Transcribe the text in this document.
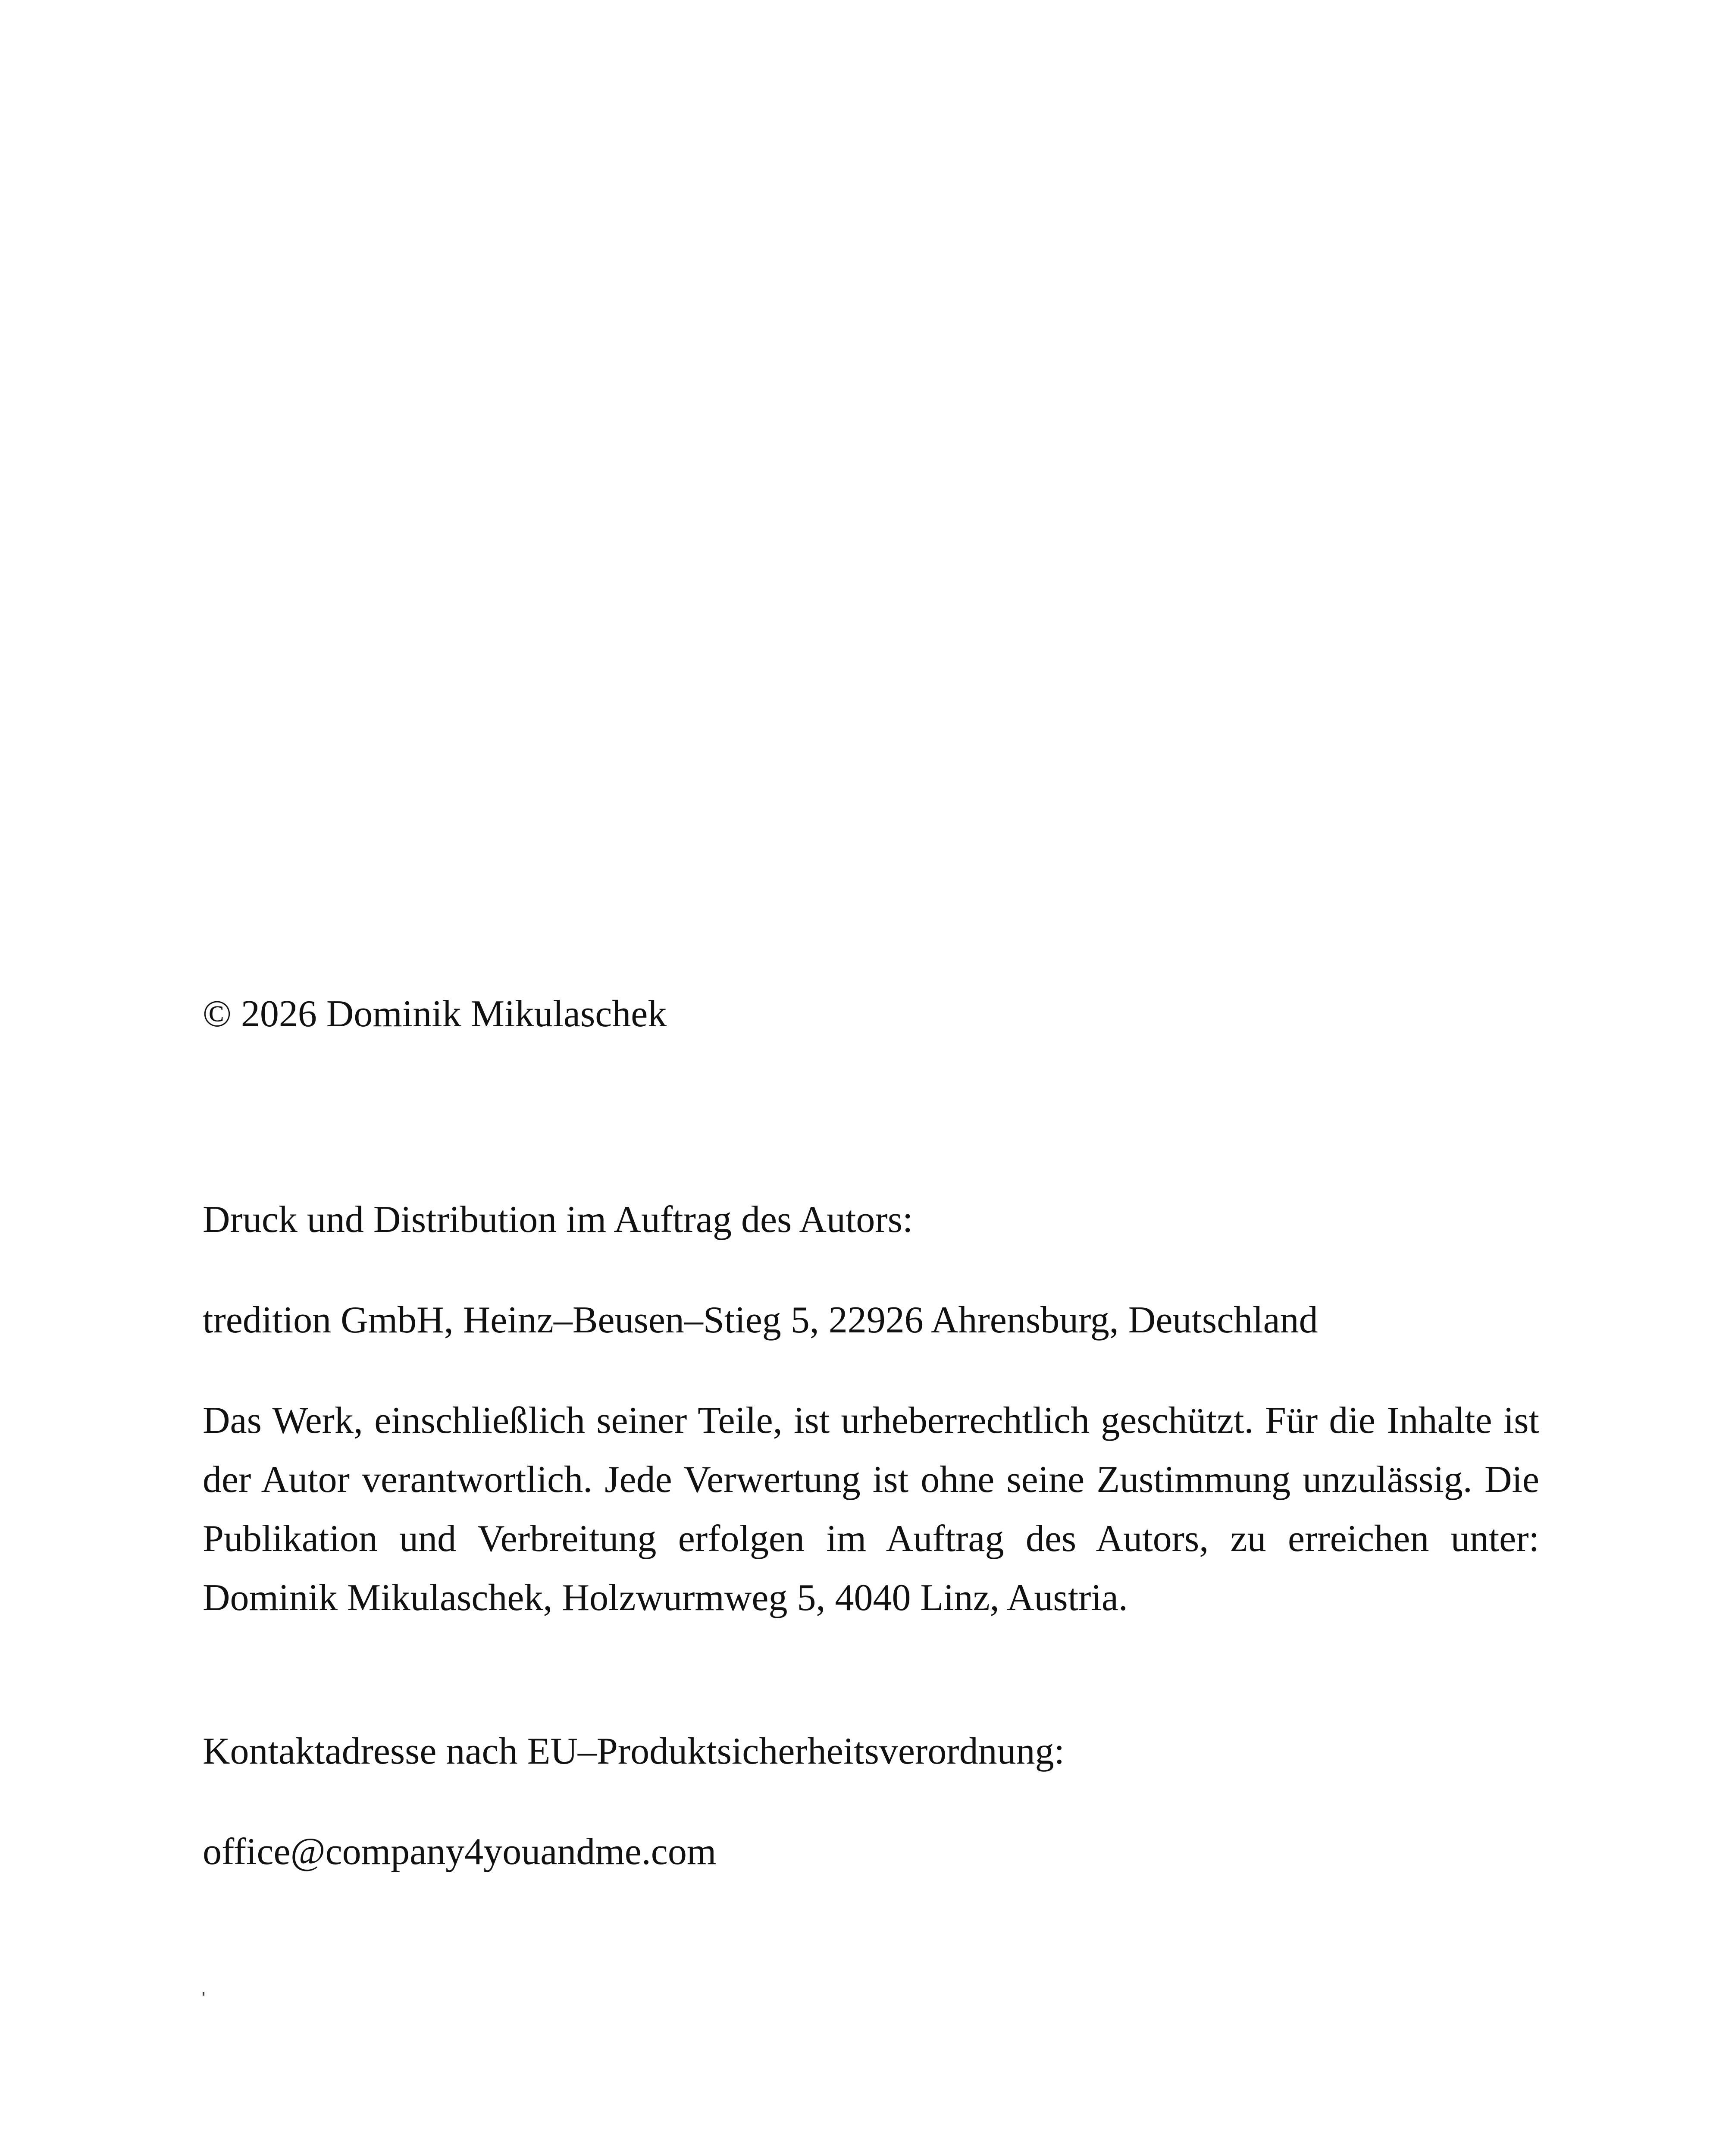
© 2026 Dominik Mikulaschek

Druck und Distribution im Auftrag des Autors:

tredition GmbH, Heinz–Beusen–Stieg 5, 22926 Ahrensburg, Deutschland

Das Werk, einschließlich seiner Teile, ist urheberrechtlich geschützt. Für die Inhalte ist der Autor verantwortlich. Jede Verwertung ist ohne seine Zustimmung unzulässig. Die Publikation und Verbreitung erfolgen im Auftrag des Autors, zu erreichen unter: Dominik Mikulaschek, Holzwurmweg 5, 4040 Linz, Austria.

Kontaktadresse nach EU–Produktsicherheitsverordnung:

office@company4youandme.com
